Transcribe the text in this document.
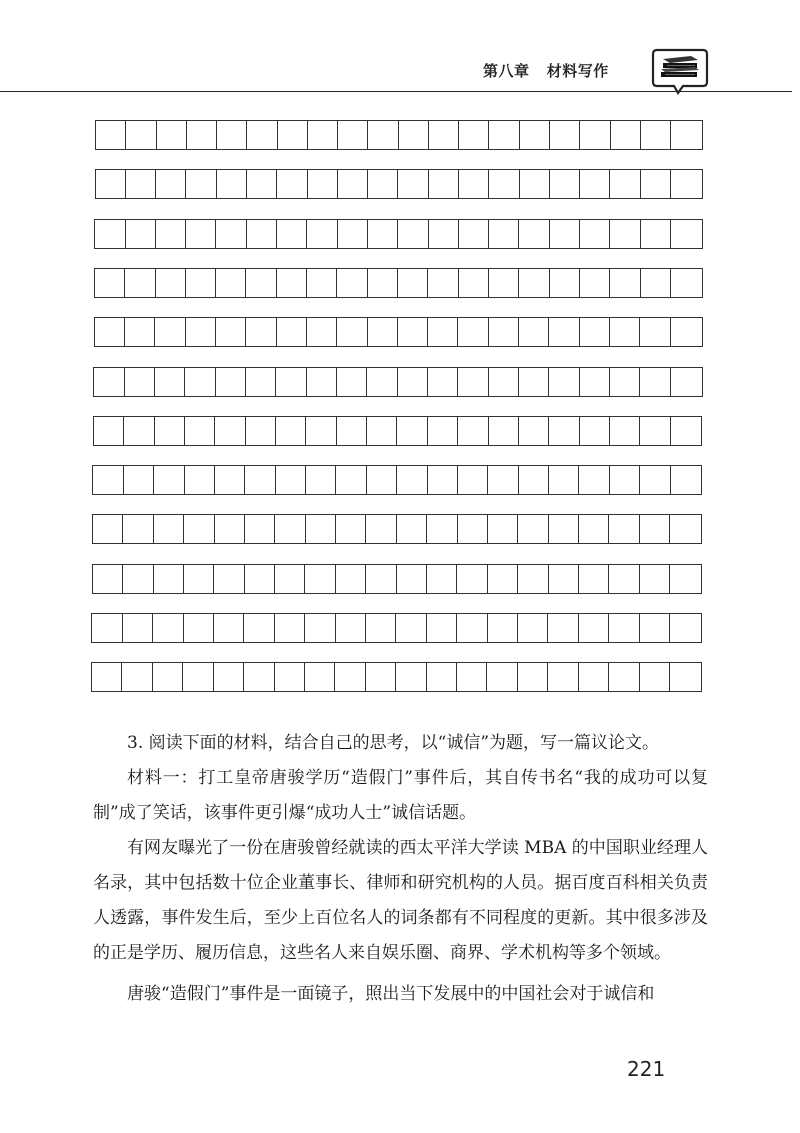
第八章 材料写作

3. 阅读下面的材料，结合自己的思考，以“诚信”为题，写一篇议论文。

材料一：打工皇帝唐骏学历“造假门”事件后，其自传书名“我的成功可以复制”成了笑话，该事件更引爆“成功人士”诚信话题。

有网友曝光了一份在唐骏曾经就读的西太平洋大学读 MBA 的中国职业经理人名录，其中包括数十位企业董事长、律师和研究机构的人员。据百度百科相关负责人透露，事件发生后，至少上百位名人的词条都有不同程度的更新。其中很多涉及的正是学历、履历信息，这些名人来自娱乐圈、商界、学术机构等多个领域。

唐骏“造假门”事件是一面镜子，照出当下发展中的中国社会对于诚信和

221
